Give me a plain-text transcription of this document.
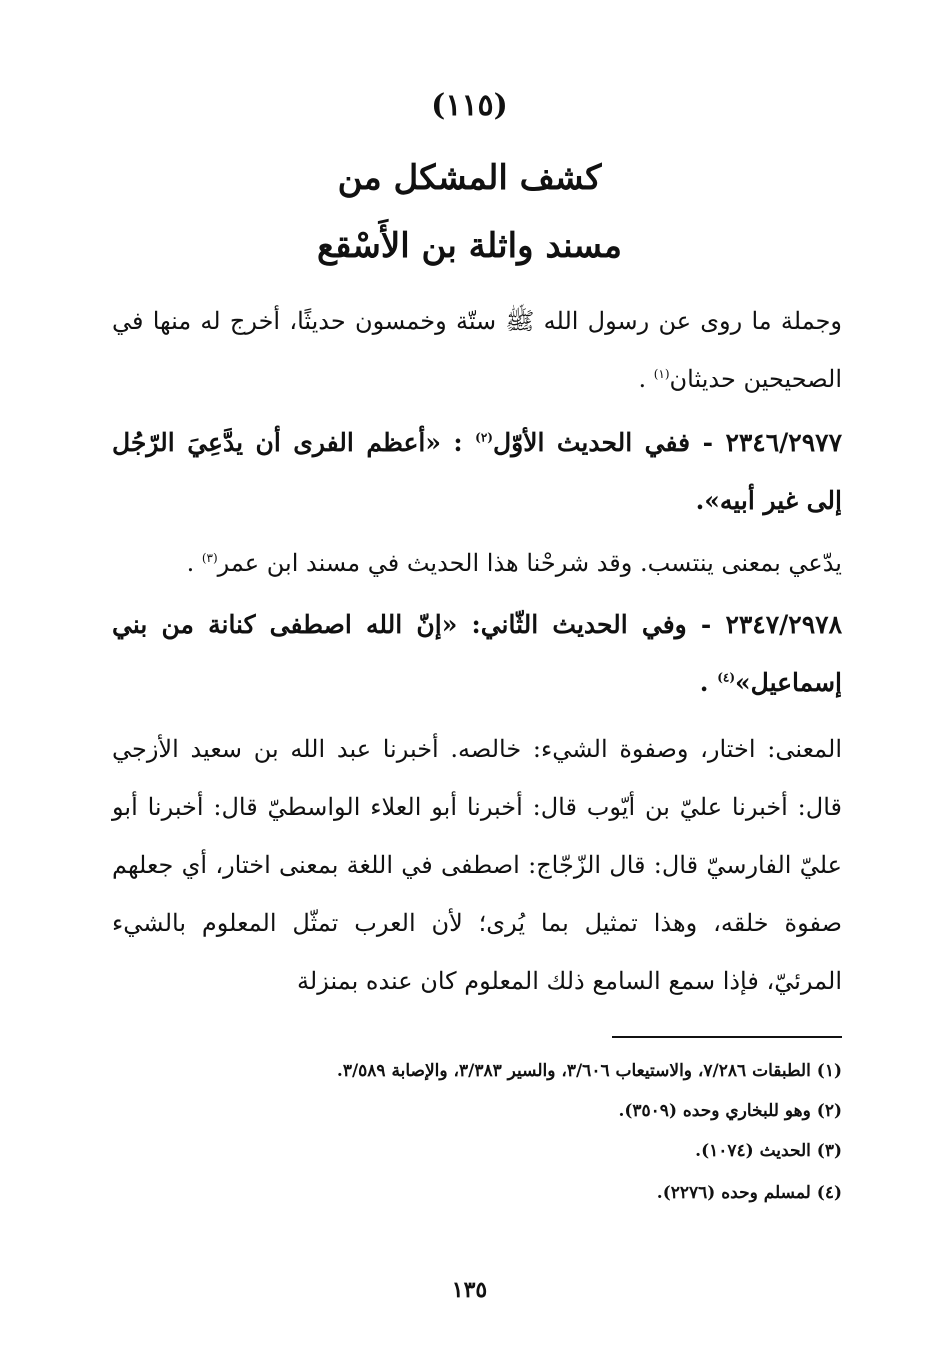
(١١٥)
كشف المشكل من
مسند واثلة بن الأَسْقع
وجملة ما روى عن رسول الله ﷺ ستّة وخمسون حديثًا، أخرج له منها في الصحيحين حديثان$^{(١)}$ .
٢٣٤٦/٢٩٧٧ - ففي الحديث الأوّل$^{(٢)}$ : «أعظم الفرى أن يدَّعِيَ الرّجُل إلى غير أبيه».
يدّعي بمعنى ينتسب. وقد شرحْنا هذا الحديث في مسند ابن عمر$^{(٣)}$ .
٢٣٤٧/٢٩٧٨ - وفي الحديث الثّاني: «إنّ الله اصطفى كنانة من بني إسماعيل»$^{(٤)}$ .
المعنى: اختار، وصفوة الشيء: خالصه. أخبرنا عبد الله بن سعيد الأزجي قال: أخبرنا عليّ بن أيّوب قال: أخبرنا أبو العلاء الواسطيّ قال: أخبرنا أبو عليّ الفارسيّ قال: قال الزّجّاج: اصطفى في اللغة بمعنى اختار، أي جعلهم صفوة خلقه، وهذا تمثيل بما يُرى؛ لأن العرب تمثّل المعلوم بالشيء المرئيّ، فإذا سمع السامع ذلك المعلوم كان عنده بمنزلة
(١) الطبقات ٧/٢٨٦، والاستيعاب ٣/٦٠٦، والسير ٣/٣٨٣، والإصابة ٣/٥٨٩.
(٢) وهو للبخاري وحده (٣٥٠٩).
(٣) الحديث (١٠٧٤).
(٤) لمسلم وحده (٢٢٧٦).
١٣٥
